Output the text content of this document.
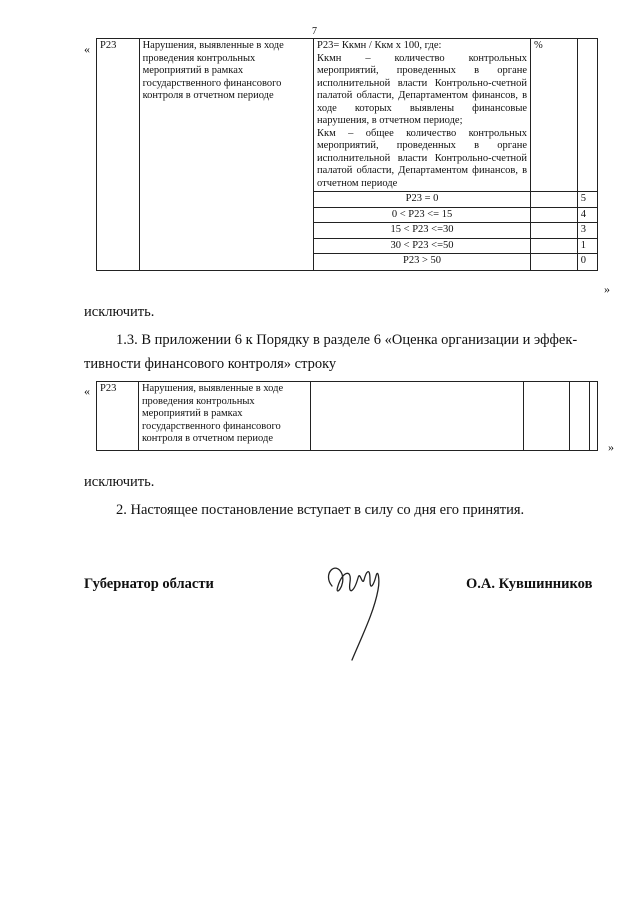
7
« Р23	Нарушения, выявленные в ходе проведения контрольных мероприятий в рамках государственного финансового контроля в отчетном периоде	Р23= Ккмн / Ккм х 100, где:
Ккмн – количество контрольных мероприятий, проведенных в органе исполнительной власти Контрольно-счетной палатой области, Департаментом финансов, в ходе которых выявлены финансовые нарушения, в отчетном периоде;
Ккм – общее количество контрольных мероприятий, проведенных в органе исполнительной власти Контрольно-счетной палатой области, Департаментом финансов, в отчетном периоде	%	
		Р23 = 0		5
		0 < Р23 <= 15		4
		15 < Р23 <=30		3
		30 < Р23 <=50		1
		Р23 > 50		0
»
исключить.
1.3. В приложении 6 к Порядку в разделе 6 «Оценка организации и эффек-
тивности финансового контроля» строку
« Р23	Нарушения, выявленные в ходе проведения контрольных мероприятий в рамках государственного финансового контроля в отчетном периоде				
»
исключить.
2. Настоящее постановление вступает в силу со дня его принятия.
Губернатор области	О.А. Кувшинников
